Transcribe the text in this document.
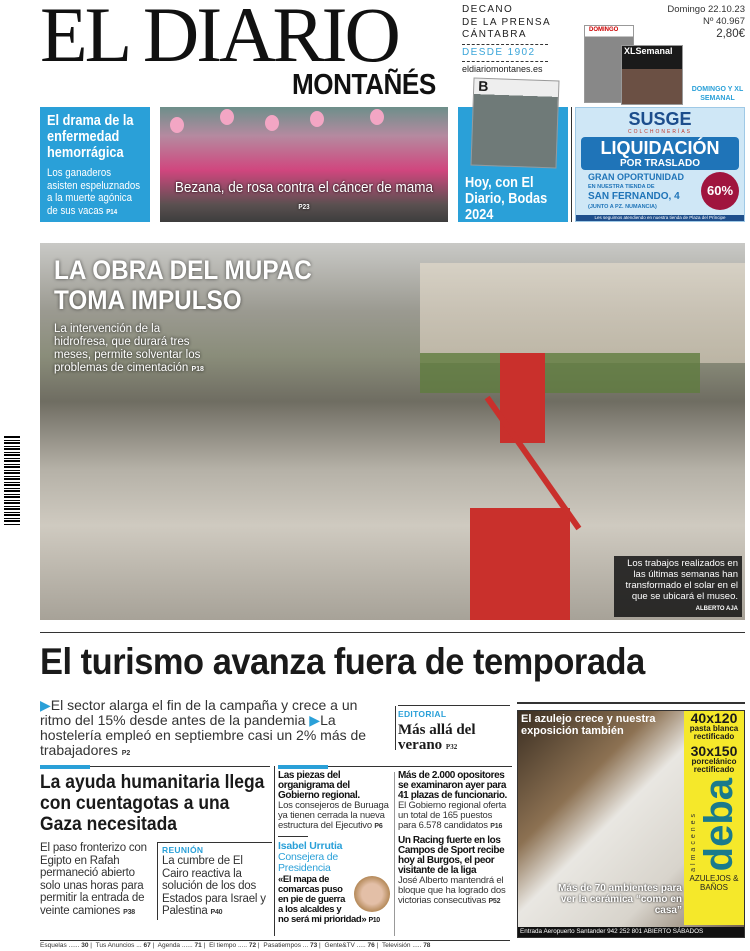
EL DIARIO
MONTAÑÉS
DECANO
DE LA PRENSA
CÁNTABRA
DESDE 1902
eldiariomontanes.es
Domingo 22.10.23
Nº 40.967
2,80€
DOMINGO
XLSemanal
DOMINGO Y XL SEMANAL
El drama de la enfermedad hemorrágica

Los ganaderos asisten espeluznados a la muerte agónica de sus vacas P14

Bezana, de rosa contra el cáncer de mama P23
Hoy, con El Diario, Bodas 2024

SUPLEMENTO

B
SUSGE
COLCHONERÍAS
LIQUIDACIÓN
POR TRASLADO
GRAN OPORTUNIDAD
EN NUESTRA TIENDA DE
SAN FERNANDO, 4
(JUNTO A PZ. NUMANCIA)
60%
Les seguimos atendiendo en nuestra tienda de Plaza del Príncipe
LA OBRA DEL MUPAC
TOMA IMPULSO
La intervención de la hidrofresa, que durará tres meses, permite solventar los problemas de cimentación P18
Los trabajos realizados en las últimas semanas han transformado el solar en el que se ubicará el museo. ALBERTO AJA
El turismo avanza fuera de temporada
▶El sector alarga el fin de la campaña y crece a un ritmo del 15% desde antes de la pandemia ▶La hostelería empleó en septiembre casi un 2% más de trabajadores P2
EDITORIAL
Más allá del verano P32
La ayuda humanitaria llega con cuentagotas a una Gaza necesitada
El paso fronterizo con Egipto en Rafah permaneció abierto solo unas horas para permitir la entrada de veinte camiones P38
REUNIÓN
La cumbre de El Cairo reactiva la solución de los dos Estados para Israel y Palestina P40
Las piezas del organigrama del Gobierno regional.
Los consejeros de Buruaga ya tienen cerrada la nueva estructura del Ejecutivo P6
Isabel Urrutia Consejera de Presidencia
«El mapa de comarcas puso en pie de guerra a los alcaldes y no será mi prioridad» P10
Más de 2.000 opositores se examinaron ayer para 41 plazas de funcionario.
El Gobierno regional oferta un total de 165 puestos para 6.578 candidatos P16
Un Racing fuerte en los Campos de Sport recibe hoy al Burgos, el peor visitante de la liga
José Alberto mantendrá el bloque que ha logrado dos victorias consecutivas P52
El azulejo crece y nuestra exposición también
40x120
pasta blanca rectificado
30x150
porcelánico rectificado
almacenes deba
AZULEJOS & BAÑOS
Más de 70 ambientes para ver la cerámica “como en casa”
Entrada Aeropuerto Santander 942 252 801 ABIERTO SÁBADOS
Esquelas ...... 30 | Tus Anuncios ... 67 | Agenda ...... 71 | El tiempo ..... 72 | Pasatiempos ... 73 | Gente&TV ..... 76 | Televisión ..... 78
